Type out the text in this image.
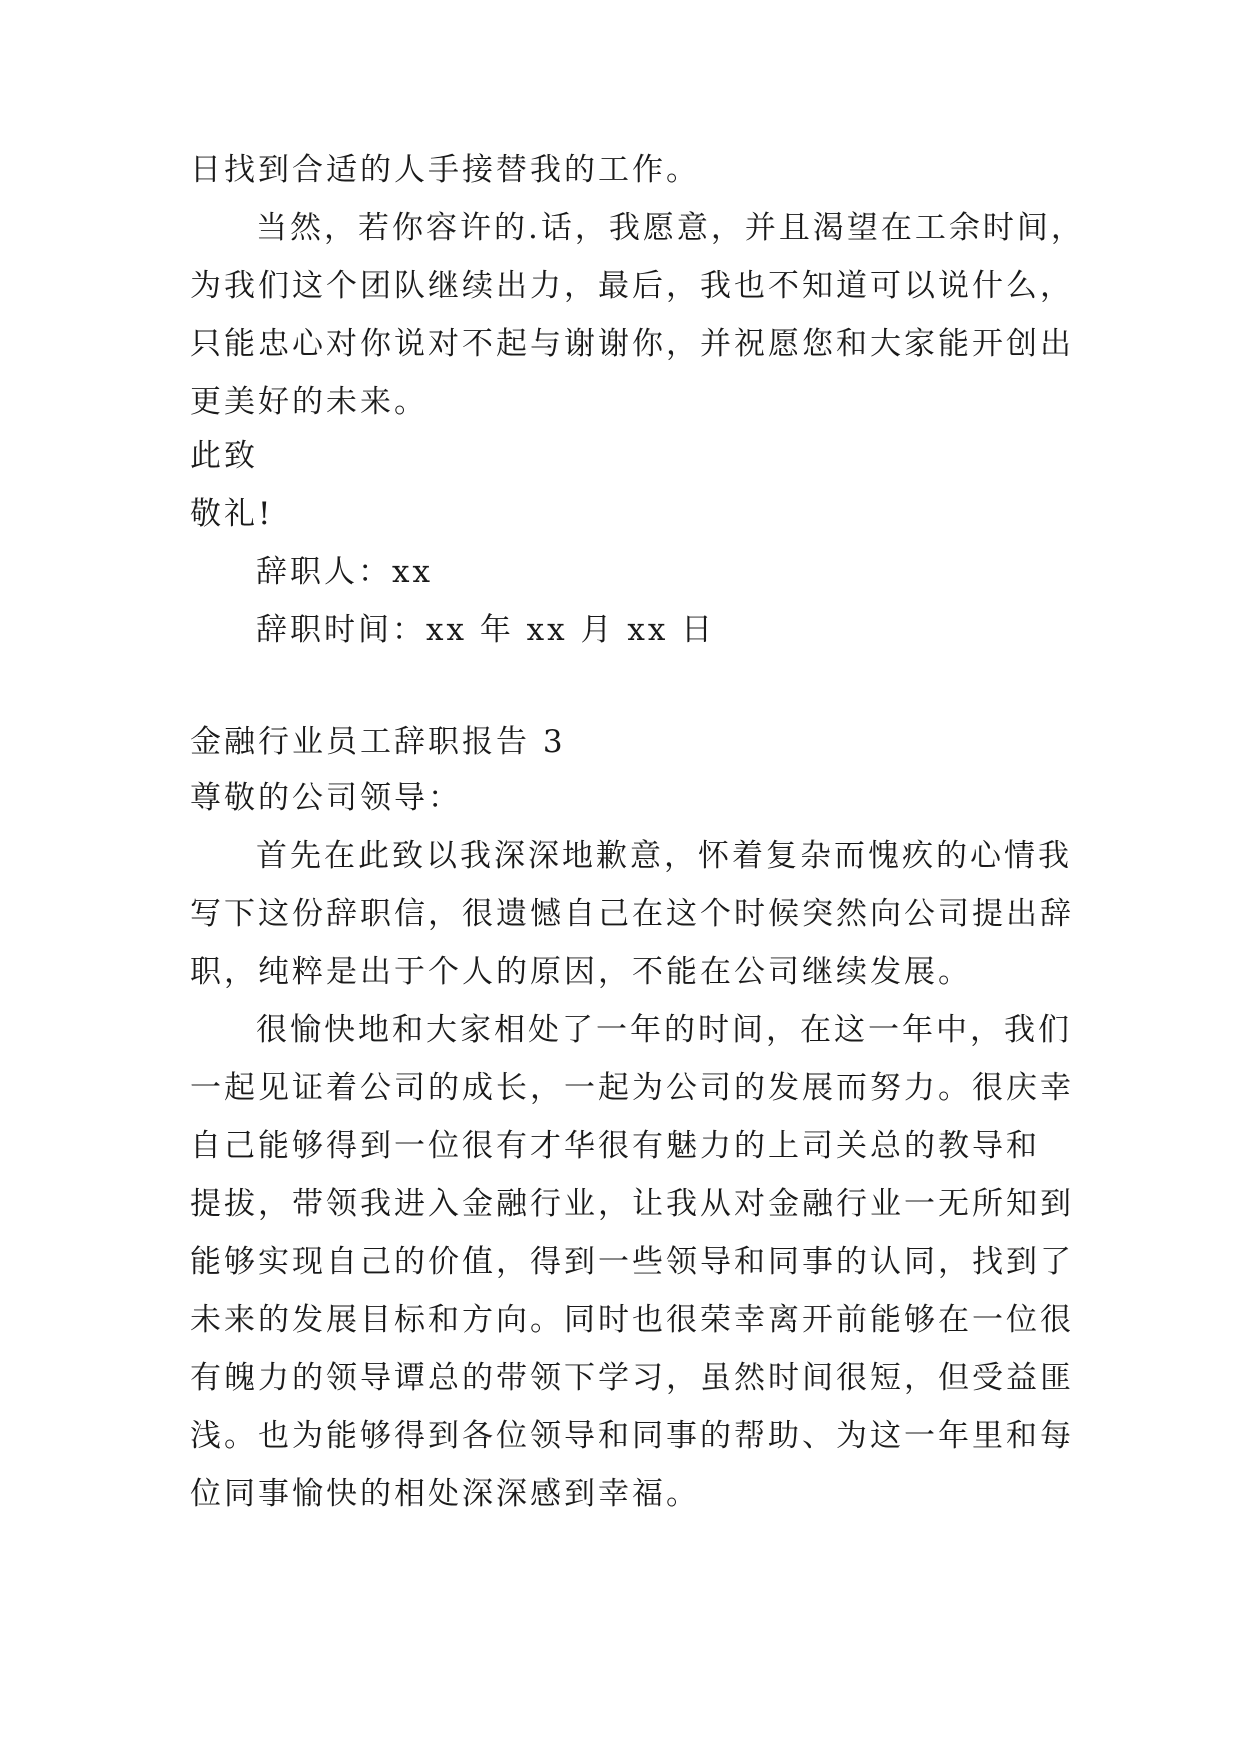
日找到合适的人手接替我的工作。
当然，若你容许的.话，我愿意，并且渴望在工余时间，
为我们这个团队继续出力，最后，我也不知道可以说什么，
只能忠心对你说对不起与谢谢你，并祝愿您和大家能开创出
更美好的未来。
此致
敬礼!
辞职人：xx
辞职时间：xx 年 xx 月 xx 日
金融行业员工辞职报告 3
尊敬的公司领导：
首先在此致以我深深地歉意，怀着复杂而愧疚的心情我
写下这份辞职信，很遗憾自己在这个时候突然向公司提出辞
职，纯粹是出于个人的原因，不能在公司继续发展。
很愉快地和大家相处了一年的时间，在这一年中，我们
一起见证着公司的成长，一起为公司的发展而努力。很庆幸
自己能够得到一位很有才华很有魅力的上司关总的教导和
提拔，带领我进入金融行业，让我从对金融行业一无所知到
能够实现自己的价值，得到一些领导和同事的认同，找到了
未来的发展目标和方向。同时也很荣幸离开前能够在一位很
有魄力的领导谭总的带领下学习，虽然时间很短，但受益匪
浅。也为能够得到各位领导和同事的帮助、为这一年里和每
位同事愉快的相处深深感到幸福。
